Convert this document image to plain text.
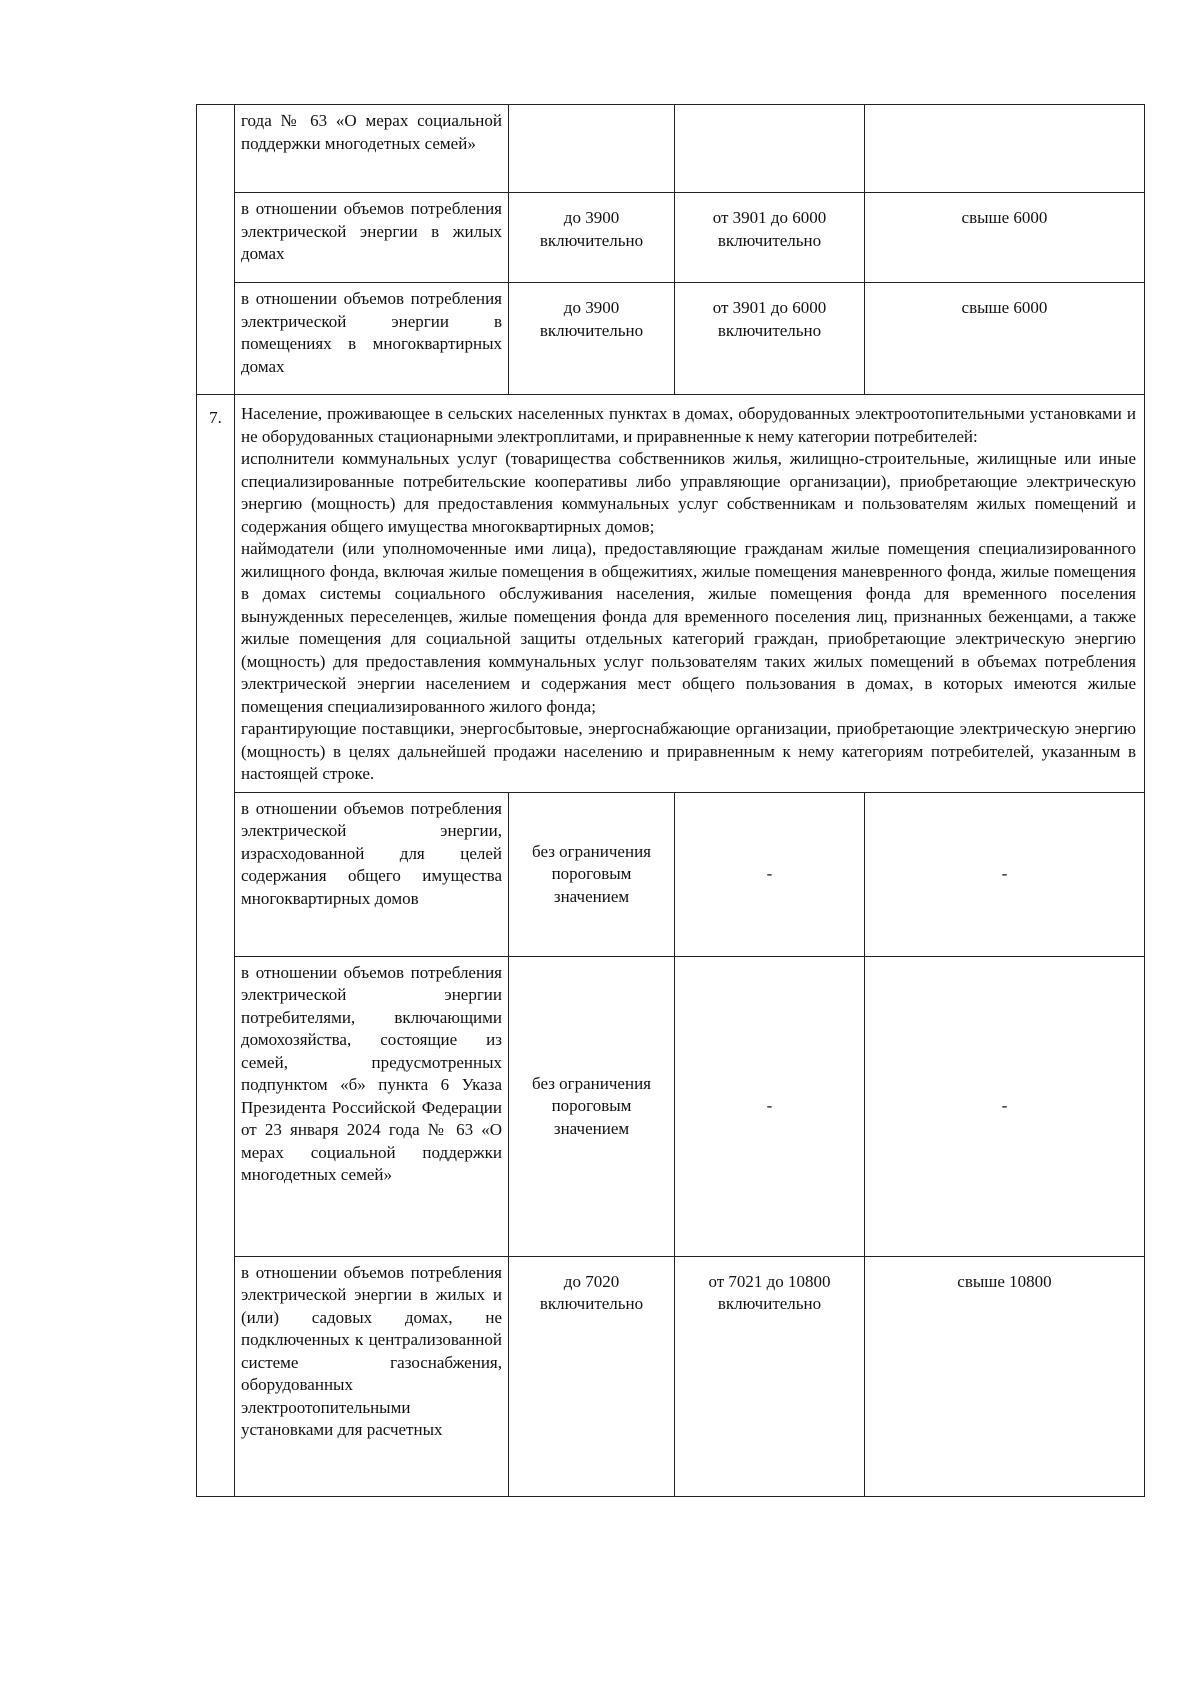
	года № 63 «О мерах социальной поддержки многодетных семей»			
	в отношении объемов потребления электрической энергии в жилых домах	до 3900 включительно	от 3901 до 6000 включительно	свыше 6000
	в отношении объемов потребления электрической энергии в помещениях в многоквартирных домах	до 3900 включительно	от 3901 до 6000 включительно	свыше 6000
7.	Население, проживающее в сельских населенных пунктах в домах, оборудованных электроотопительными установками и не оборудованных стационарными электроплитами, и приравненные к нему категории потребителей:

исполнители коммунальных услуг (товарищества собственников жилья, жилищно-строительные, жилищные или иные специализированные потребительские кооперативы либо управляющие организации), приобретающие электрическую энергию (мощность) для предоставления коммунальных услуг собственникам и пользователям жилых помещений и содержания общего имущества многоквартирных домов;

наймодатели (или уполномоченные ими лица), предоставляющие гражданам жилые помещения специализированного жилищного фонда, включая жилые помещения в общежитиях, жилые помещения маневренного фонда, жилые помещения в домах системы социального обслуживания населения, жилые помещения фонда для временного поселения вынужденных переселенцев, жилые помещения фонда для временного поселения лиц, признанных беженцами, а также жилые помещения для социальной защиты отдельных категорий граждан, приобретающие электрическую энергию (мощность) для предоставления коммунальных услуг пользователям таких жилых помещений в объемах потребления электрической энергии населением и содержания мест общего пользования в домах, в которых имеются жилые помещения специализированного жилого фонда;

гарантирующие поставщики, энергосбытовые, энергоснабжающие организации, приобретающие электрическую энергию (мощность) в целях дальнейшей продажи населению и приравненным к нему категориям потребителей, указанным в настоящей строке.			

	в отношении объемов потребления электрической энергии, израсходованной для целей содержания общего имущества многоквартирных домов	без ограничения пороговым значением	-	-
	в отношении объемов потребления электрической энергии потребителями, включающими домохозяйства, состоящие из семей, предусмотренных подпунктом «б» пункта 6 Указа Президента Российской Федерации от 23 января 2024 года № 63 «О мерах социальной поддержки многодетных семей»	без ограничения пороговым значением	-	-
	в отношении объемов потребления электрической энергии в жилых и (или) садовых домах, не подключенных к централизованной системе газоснабжения, оборудованных электроотопительными установками для расчетных	до 7020 включительно	от 7021 до 10800 включительно	свыше 10800
